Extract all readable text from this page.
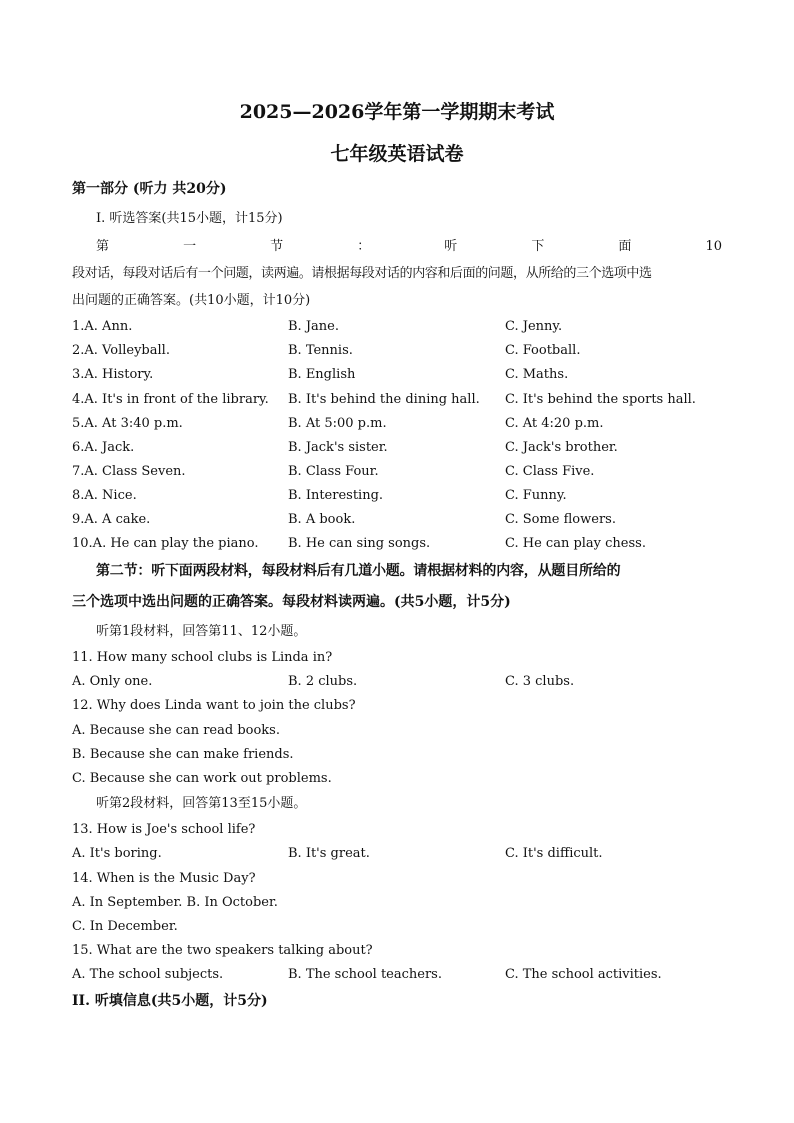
2025—2026学年第一学期期末考试
七年级英语试卷
第一部分 (听力 共20分)
I. 听选答案(共15小题，计15分)
第	一	节	：	听	下	面	10
段对话，每段对话后有一个问题，读两遍。请根据每段对话的内容和后面的问题，从所给的三个选项中选
出问题的正确答案。(共10小题，计10分)
1.A. Ann.	B. Jane.	C. Jenny.
2.A. Volleyball.	B. Tennis.	C. Football.
3.A. History.	B. English	C. Maths.
4.A. It's in front of the library. B. It's behind the dining hall. C. It's behind the sports hall.
5.A. At 3:40 p.m.	B. At 5:00 p.m.	C. At 4:20 p.m.
6.A. Jack.	B. Jack's sister.	C. Jack's brother.
7.A. Class Seven.	B. Class Four.	C. Class Five.
8.A. Nice.	B. Interesting.	C. Funny.
9.A. A cake.	B. A book.	C. Some flowers.
10.A. He can play the piano. B. He can sing songs.	C. He can play chess.
第二节：听下面两段材料，每段材料后有几道小题。请根据材料的内容，从题目所给的
三个选项中选出问题的正确答案。每段材料读两遍。(共5小题，计5分)
听第1段材料，回答第11、12小题。
11. How many school clubs is Linda in?
A. Only one.	B. 2 clubs.	C. 3 clubs.
12. Why does Linda want to join the clubs?
A. Because she can read books.
B. Because she can make friends.
C. Because she can work out problems.
听第2段材料，回答第13至15小题。
13. How is Joe's school life?
A. It's boring.	B. It's great.	C. It's difficult.
14. When is the Music Day?
A. In September. B. In October.
C. In December.
15. What are the two speakers talking about?
A. The school subjects.	B. The school teachers.	C. The school activities.
II. 听填信息(共5小题，计5分)
